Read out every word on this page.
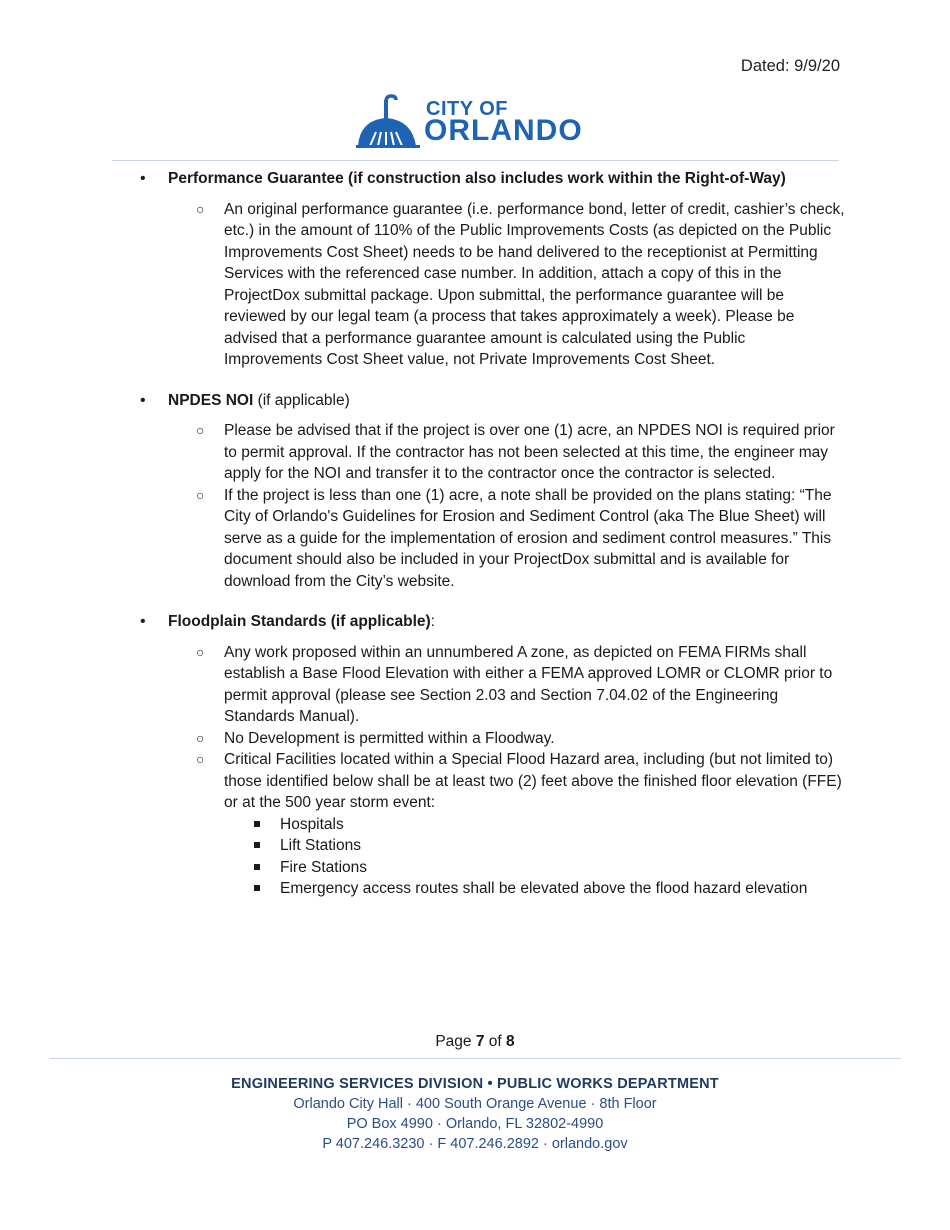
Dated: 9/9/20
CITY OF
ORLANDO
• Performance Guarantee (if construction also includes work within the Right-of-Way)
○ An original performance guarantee (i.e. performance bond, letter of credit, cashier’s check, etc.) in the amount of 110% of the Public Improvements Costs (as depicted on the Public Improvements Cost Sheet) needs to be hand delivered to the receptionist at Permitting Services with the referenced case number. In addition, attach a copy of this in the ProjectDox submittal package. Upon submittal, the performance guarantee will be reviewed by our legal team (a process that takes approximately a week). Please be advised that a performance guarantee amount is calculated using the Public Improvements Cost Sheet value, not Private Improvements Cost Sheet.
• NPDES NOI (if applicable)
○ Please be advised that if the project is over one (1) acre, an NPDES NOI is required prior to permit approval. If the contractor has not been selected at this time, the engineer may apply for the NOI and transfer it to the contractor once the contractor is selected.
○ If the project is less than one (1) acre, a note shall be provided on the plans stating: “The City of Orlando's Guidelines for Erosion and Sediment Control (aka The Blue Sheet) will serve as a guide for the implementation of erosion and sediment control measures.” This document should also be included in your ProjectDox submittal and is available for download from the City’s website.
• Floodplain Standards (if applicable):
○ Any work proposed within an unnumbered A zone, as depicted on FEMA FIRMs shall establish a Base Flood Elevation with either a FEMA approved LOMR or CLOMR prior to permit approval (please see Section 2.03 and Section 7.04.02 of the Engineering Standards Manual).
○ No Development is permitted within a Floodway.
○ Critical Facilities located within a Special Flood Hazard area, including (but not limited to) those identified below shall be at least two (2) feet above the finished floor elevation (FFE) or at the 500 year storm event:
Hospitals
Lift Stations
Fire Stations
Emergency access routes shall be elevated above the flood hazard elevation
Page 7 of 8
ENGINEERING SERVICES DIVISION • PUBLIC WORKS DEPARTMENT
Orlando City Hall · 400 South Orange Avenue · 8th Floor
PO Box 4990 · Orlando, FL 32802-4990
P 407.246.3230 · F 407.246.2892 · orlando.gov
